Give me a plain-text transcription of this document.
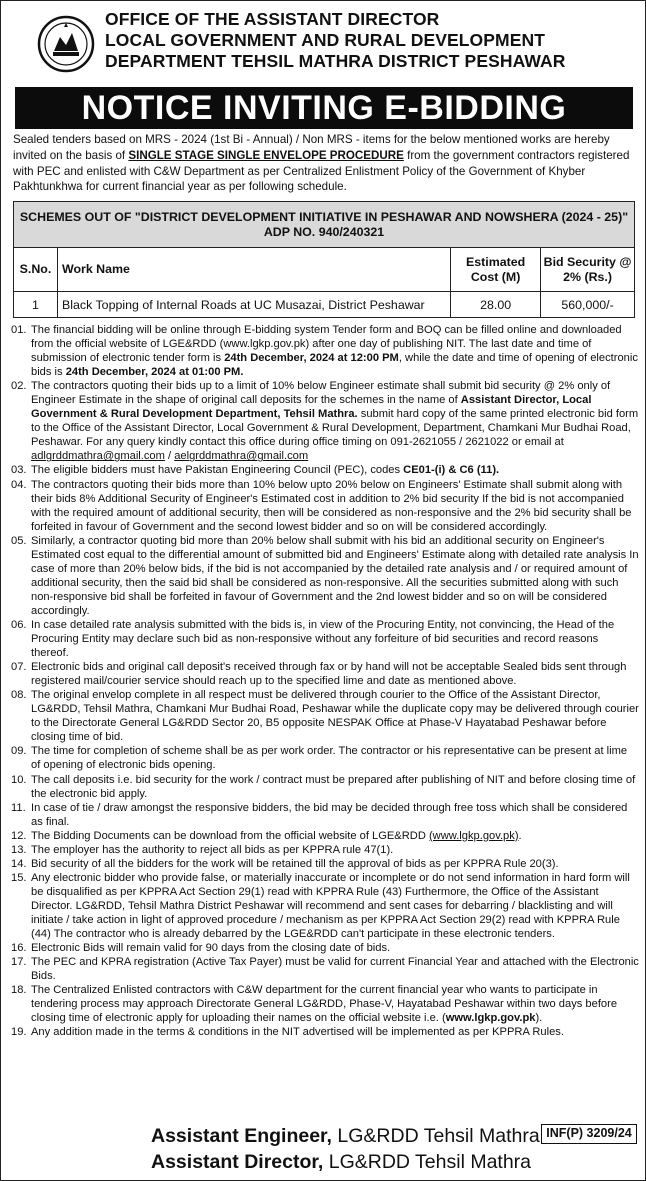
OFFICE OF THE ASSISTANT DIRECTOR
LOCAL GOVERNMENT AND RURAL DEVELOPMENT
DEPARTMENT TEHSIL MATHRA DISTRICT PESHAWAR
NOTICE INVITING E-BIDDING
Sealed tenders based on MRS - 2024 (1st Bi - Annual) / Non MRS - items for the below mentioned works are hereby invited on the basis of SINGLE STAGE SINGLE ENVELOPE PROCEDURE from the government contractors registered with PEC and enlisted with C&W Department as per Centralized Enlistment Policy of the Government of Khyber Pakhtunkhwa for current financial year as per following schedule.
SCHEMES OUT OF "DISTRICT DEVELOPMENT INITIATIVE IN PESHAWAR AND NOWSHERA (2024 - 25)" ADP NO. 940/240321			
S.No.	Work Name	Estimated Cost (M)	Bid Security @ 2% (Rs.)
1	Black Topping of Internal Roads at UC Musazai, District Peshawar	28.00	560,000/-
01. The financial bidding will be online through E-bidding system Tender form and BOQ can be filled online and downloaded from the official website of LGE&RDD (www.lgkp.gov.pk) after one day of publishing NIT. The last date and time of submission of electronic tender form is 24th December, 2024 at 12:00 PM, while the date and time of opening of electronic bids is 24th December, 2024 at 01:00 PM.
02. The contractors quoting their bids up to a limit of 10% below Engineer estimate shall submit bid security @ 2% only of Engineer Estimate in the shape of original call deposits for the schemes in the name of Assistant Director, Local Government & Rural Development Department, Tehsil Mathra. submit hard copy of the same printed electronic bid form to the Office of the Assistant Director, Local Government & Rural Development, Department, Chamkani Mur Budhai Road, Peshawar. For any query kindly contact this office during office timing on 091-2621055 / 2621022 or email at adlgrddmathra@gmail.com / aelgrddmathra@gmail.com
03. The eligible bidders must have Pakistan Engineering Council (PEC), codes CE01-(i) & C6 (11).
04. The contractors quoting their bids more than 10% below upto 20% below on Engineers' Estimate shall submit along with their bids 8% Additional Security of Engineer's Estimated cost in addition to 2% bid security If the bid is not accompanied with the required amount of additional security, then will be considered as non-responsive and the 2% bid security shall be forfeited in favour of Government and the second lowest bidder and so on will be considered accordingly.
05. Similarly, a contractor quoting bid more than 20% below shall submit with his bid an additional security on Engineer's Estimated cost equal to the differential amount of submitted bid and Engineers' Estimate along with detailed rate analysis In case of more than 20% below bids, if the bid is not accompanied by the detailed rate analysis and / or required amount of additional security, then the said bid shall be considered as non-responsive. All the securities submitted along with such non-responsive bid shall be forfeited in favour of Government and the 2nd lowest bidder and so on will be considered accordingly.
06. In case detailed rate analysis submitted with the bids is, in view of the Procuring Entity, not convincing, the Head of the Procuring Entity may declare such bid as non-responsive without any forfeiture of bid securities and record reasons thereof.
07. Electronic bids and original call deposit's received through fax or by hand will not be acceptable Sealed bids sent through registered mail/courier service should reach up to the specified lime and date as mentioned above.
08. The original envelop complete in all respect must be delivered through courier to the Office of the Assistant Director, LG&RDD, Tehsil Mathra, Chamkani Mur Budhai Road, Peshawar while the duplicate copy may be delivered through courier to the Directorate General LG&RDD Sector 20, B5 opposite NESPAK Office at Phase-V Hayatabad Peshawar before closing time of bid.
09. The time for completion of scheme shall be as per work order. The contractor or his representative can be present at lime of opening of electronic bids opening.
10. The call deposits i.e. bid security for the work / contract must be prepared after publishing of NIT and before closing time of the electronic bid apply.
11. In case of tie / draw amongst the responsive bidders, the bid may be decided through free toss which shall be considered as final.
12. The Bidding Documents can be download from the official website of LGE&RDD (www.lgkp.gov.pk).
13. The employer has the authority to reject all bids as per KPPRA rule 47(1).
14. Bid security of all the bidders for the work will be retained till the approval of bids as per KPPRA Rule 20(3).
15. Any electronic bidder who provide false, or materially inaccurate or incomplete or do not send information in hard form will be disqualified as per KPPRA Act Section 29(1) read with KPPRA Rule (43) Furthermore, the Office of the Assistant Director. LG&RDD, Tehsil Mathra District Peshawar will recommend and sent cases for debarring / blacklisting and will initiate / take action in light of approved procedure / mechanism as per KPPRA Act Section 29(2) read with KPPRA Rule (44) The contractor who is already debarred by the LGE&RDD can't participate in these electronic tenders.
16. Electronic Bids will remain valid for 90 days from the closing date of bids.
17. The PEC and KPRA registration (Active Tax Payer) must be valid for current Financial Year and attached with the Electronic Bids.
18. The Centralized Enlisted contractors with C&W department for the current financial year who wants to participate in tendering process may approach Directorate General LG&RDD, Phase-V, Hayatabad Peshawar within two days before closing time of electronic apply for uploading their names on the official website i.e. (www.lgkp.gov.pk).
19. Any addition made in the terms & conditions in the NIT advertised will be implemented as per KPPRA Rules.
Assistant Engineer, LG&RDD Tehsil Mathra
Assistant Director, LG&RDD Tehsil Mathra
INF(P) 3209/24
